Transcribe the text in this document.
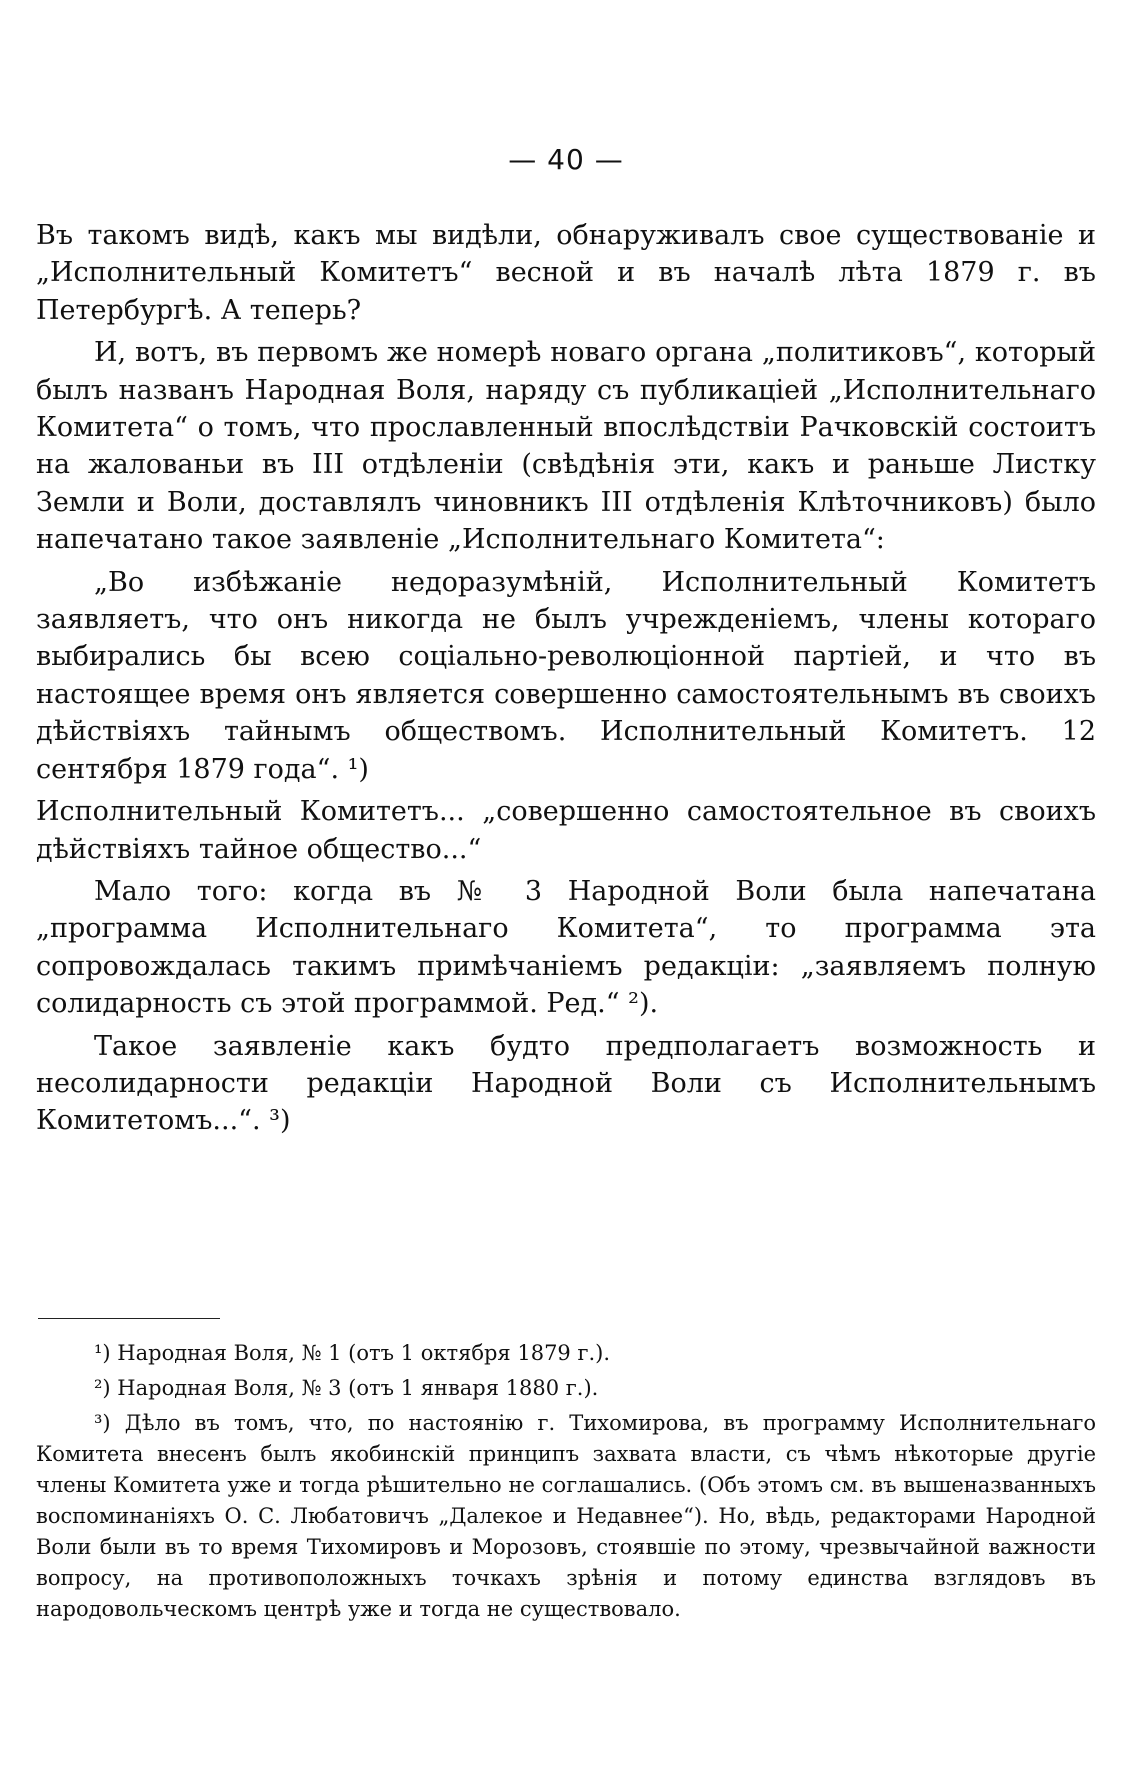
— 40 —

Въ такомъ видѣ, какъ мы видѣли, обнаруживалъ свое существованіе и „Исполнительный Комитетъ“ весной и въ началѣ лѣта 1879 г. въ Петербургѣ. А теперь?

И, вотъ, въ первомъ же номерѣ новаго органа „политиковъ“, который былъ названъ Народная Воля, наряду съ публикаціей „Исполнительнаго Комитета“ о томъ, что прославленный впослѣдствіи Рачковскій состоитъ на жалованьи въ III отдѣленіи (свѣдѣнія эти, какъ и раньше Листку Земли и Воли, доставлялъ чиновникъ III отдѣленія Клѣточниковъ) было напечатано такое заявленіе „Исполнительнаго Комитета“:

„Во избѣжаніе недоразумѣній, Исполнительный Комитетъ заявляетъ, что онъ никогда не былъ учрежденіемъ, члены котораго выбирались бы всею соціально-революціонной партіей, и что въ настоящее время онъ является совершенно самостоятельнымъ въ своихъ дѣйствіяхъ тайнымъ обществомъ. Исполнительный Комитетъ. 12 сентября 1879 года“. ¹)

Исполнительный Комитетъ... „совершенно самостоятельное въ своихъ дѣйствіяхъ тайное общество...“

Мало того: когда въ № 3 Народной Воли была напечатана „программа Исполнительнаго Комитета“, то программа эта сопровождалась такимъ примѣчаніемъ редакціи: „заявляемъ полную солидарность съ этой программой. Ред.“ ²).

Такое заявленіе какъ будто предполагаетъ возможность и несолидарности редакціи Народной Воли съ Исполнительнымъ Комитетомъ...“. ³)

¹) Народная Воля, № 1 (отъ 1 октября 1879 г.).

²) Народная Воля, № 3 (отъ 1 января 1880 г.).

³) Дѣло въ томъ, что, по настоянію г. Тихомирова, въ программу Исполнительнаго Комитета внесенъ былъ якобинскій принципъ захвата власти, съ чѣмъ нѣкоторые другіе члены Комитета уже и тогда рѣшительно не соглашались. (Объ этомъ см. въ вышеназванныхъ воспоминаніяхъ О. С. Любатовичъ „Далекое и Недавнее“). Но, вѣдь, редакторами Народной Воли были въ то время Тихомировъ и Морозовъ, стоявшіе по этому, чрезвычайной важности вопросу, на противоположныхъ точкахъ зрѣнія и потому единства взглядовъ въ народовольческомъ центрѣ уже и тогда не существовало.
